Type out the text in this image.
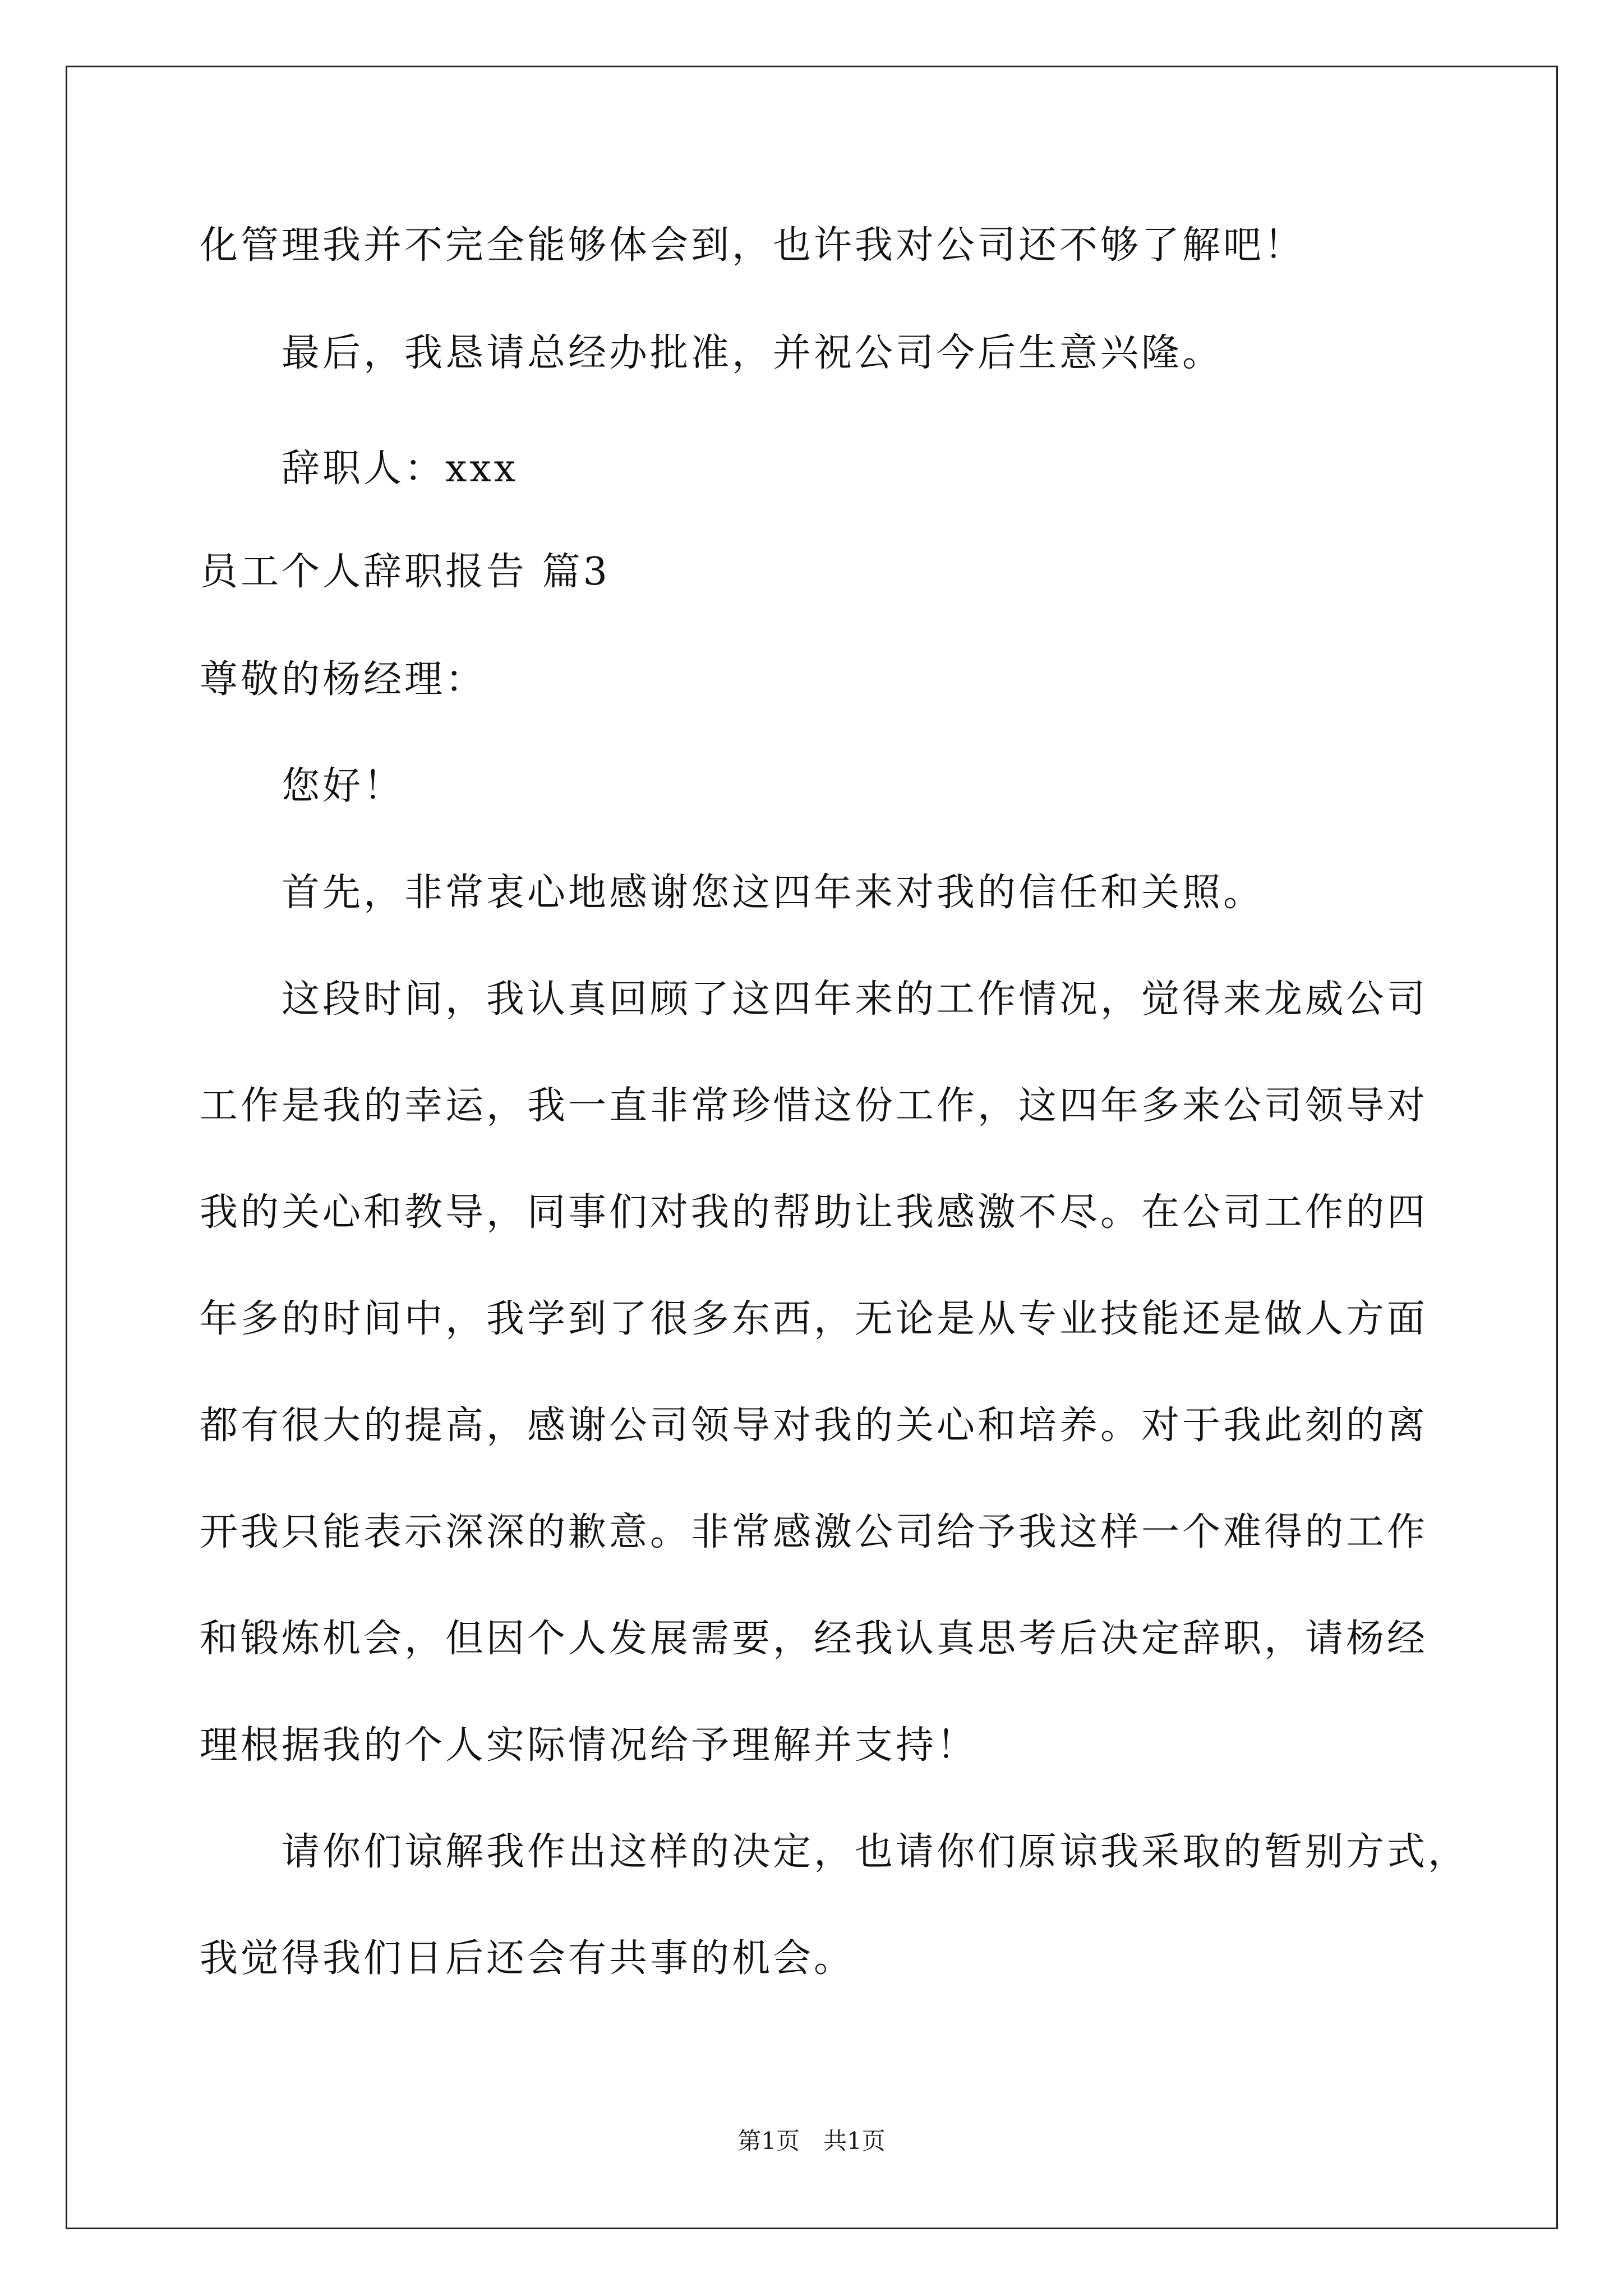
化管理我并不完全能够体会到，也许我对公司还不够了解吧！
最后，我恳请总经办批准，并祝公司今后生意兴隆。
辞职人：xxx
员工个人辞职报告 篇3
尊敬的杨经理：
您好！
首先，非常衷心地感谢您这四年来对我的信任和关照。
这段时间，我认真回顾了这四年来的工作情况，觉得来龙威公司
工作是我的幸运，我一直非常珍惜这份工作，这四年多来公司领导对
我的关心和教导，同事们对我的帮助让我感激不尽。在公司工作的四
年多的时间中，我学到了很多东西，无论是从专业技能还是做人方面
都有很大的提高，感谢公司领导对我的关心和培养。对于我此刻的离
开我只能表示深深的歉意。非常感激公司给予我这样一个难得的工作
和锻炼机会，但因个人发展需要，经我认真思考后决定辞职，请杨经
理根据我的个人实际情况给予理解并支持！
请你们谅解我作出这样的决定，也请你们原谅我采取的暂别方式，
我觉得我们日后还会有共事的机会。
第1页　共1页
